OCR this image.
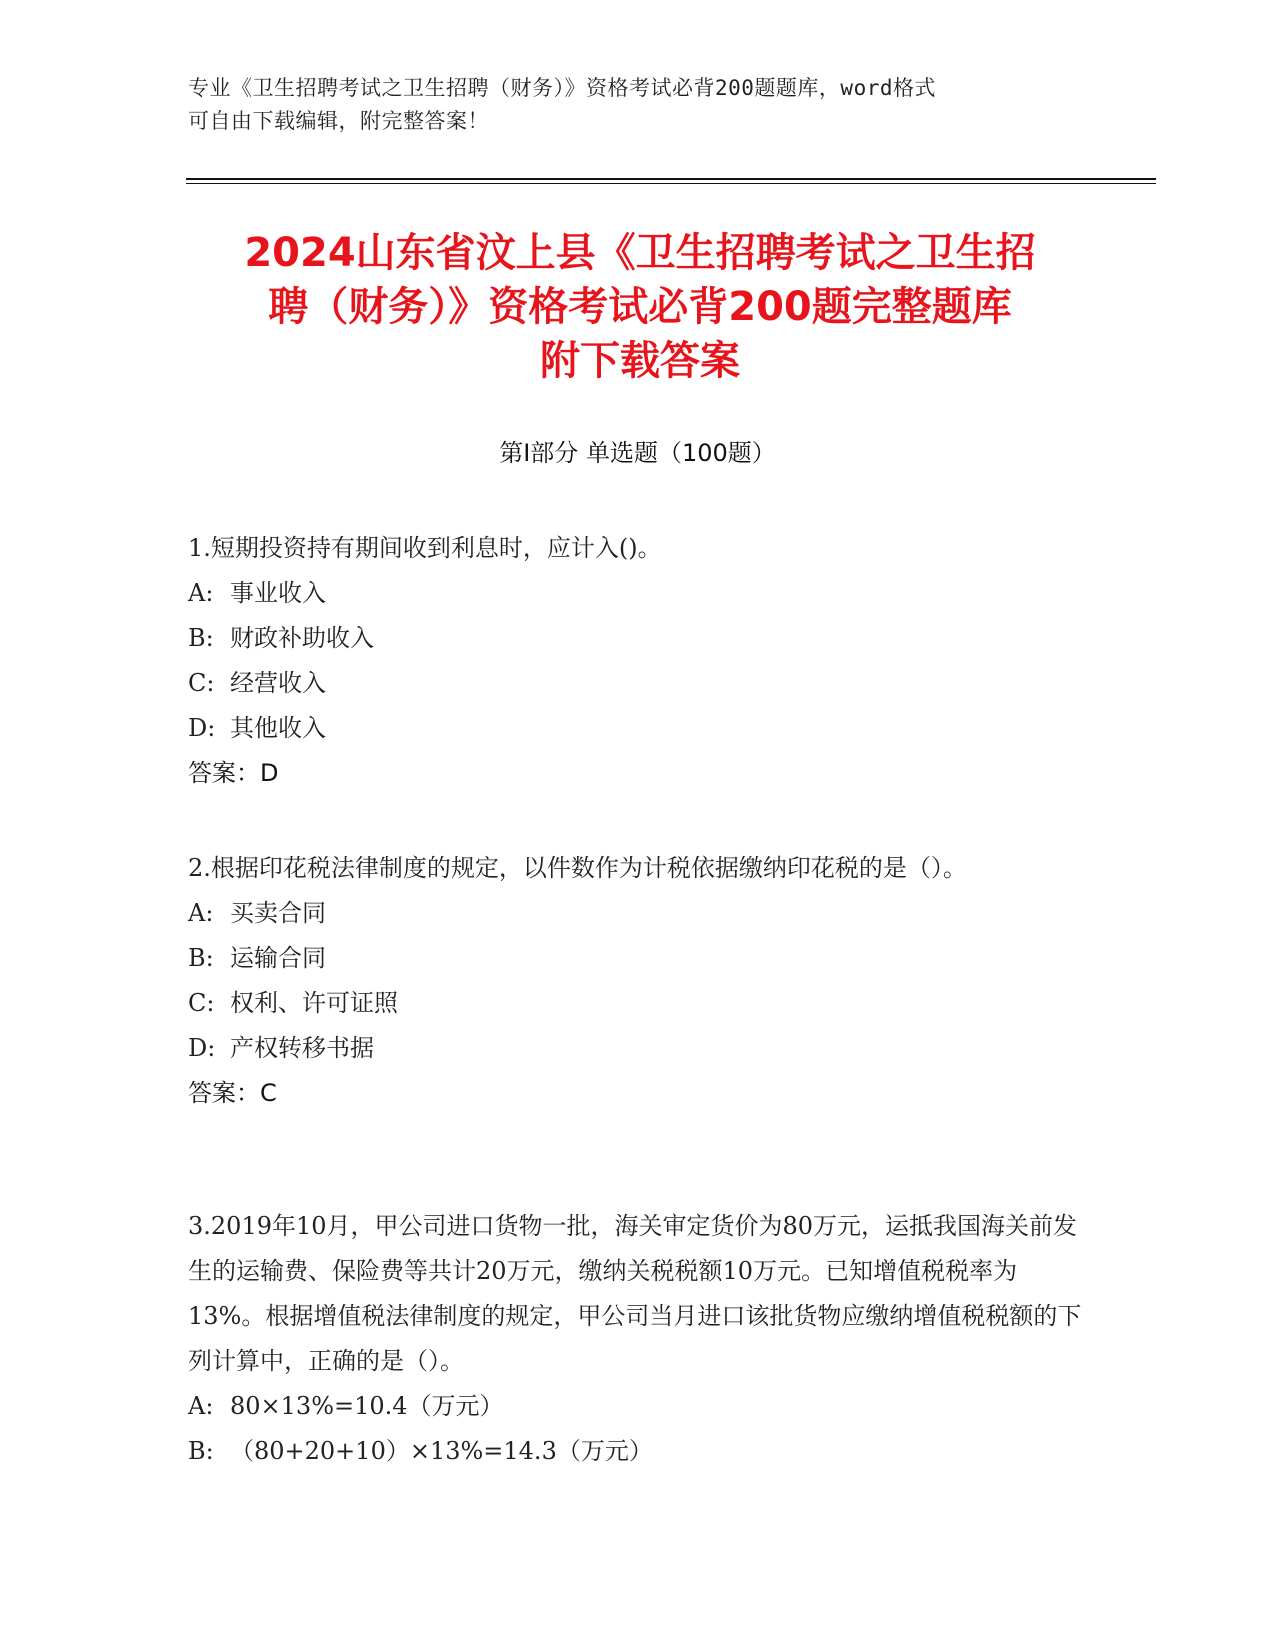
专业《卫生招聘考试之卫生招聘（财务）》资格考试必背200题题库，word格式
可自由下载编辑，附完整答案！
2024山东省汶上县《卫生招聘考试之卫生招
聘（财务）》资格考试必背200题完整题库
附下载答案
第Ⅰ部分 单选题（100题）

1.短期投资持有期间收到利息时，应计入()。

A: 事业收入

B: 财政补助收入

C: 经营收入

D: 其他收入

答案：D

2.根据印花税法律制度的规定，以件数作为计税依据缴纳印花税的是（）。

A: 买卖合同

B: 运输合同

C: 权利、许可证照

D: 产权转移书据

答案：C

3.2019年10月，甲公司进口货物一批，海关审定货价为80万元，运抵我国海关前发生的运输费、保险费等共计20万元，缴纳关税税额10万元。已知增值税税率为13%。根据增值税法律制度的规定，甲公司当月进口该批货物应缴纳增值税税额的下列计算中，正确的是（）。

A: 80×13%=10.4（万元）

B: （80+20+10）×13%=14.3（万元）
